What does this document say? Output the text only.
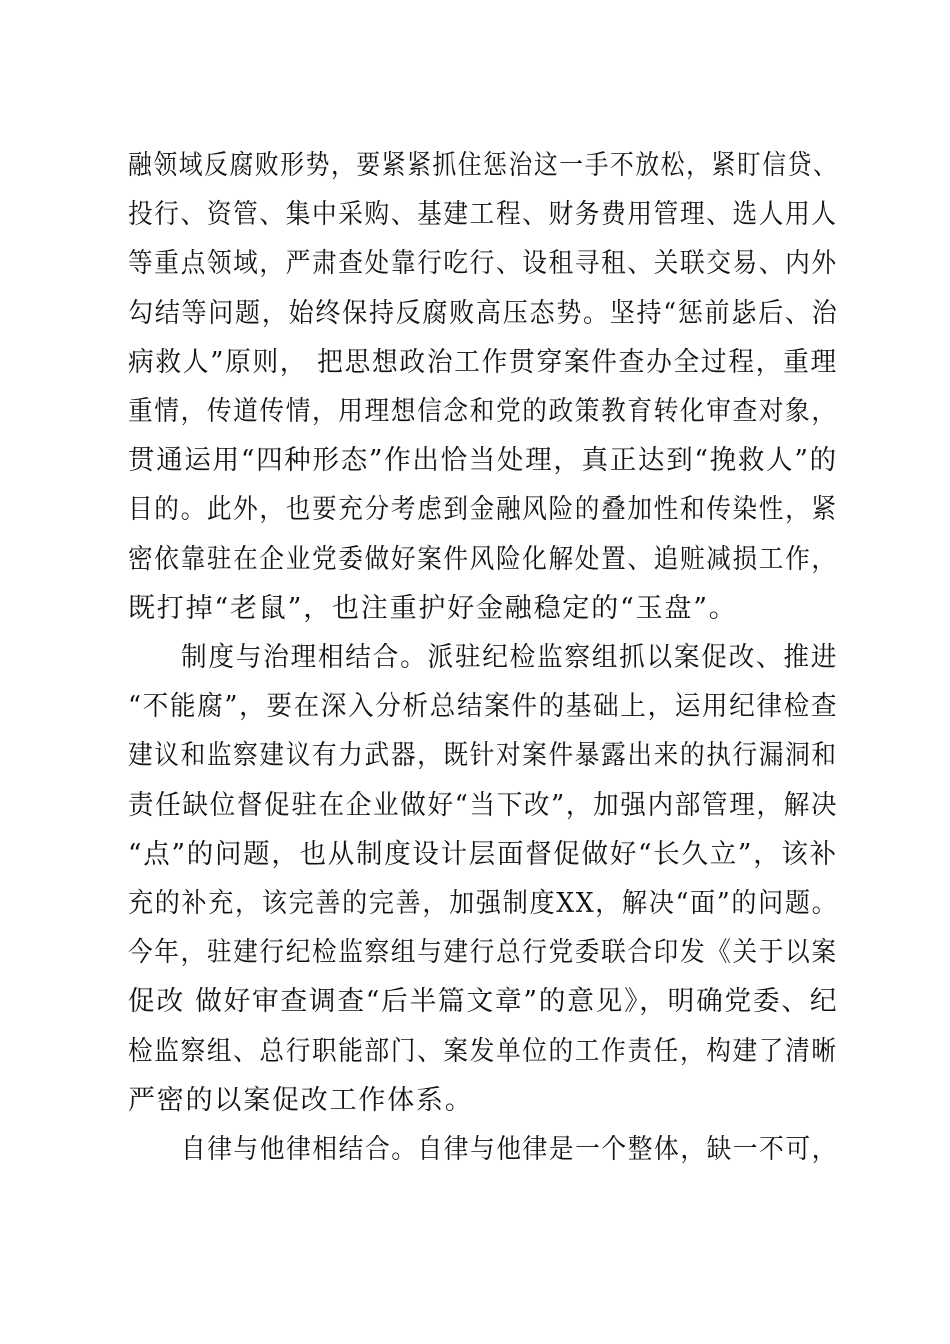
融领域反腐败形势，要紧紧抓住惩治这一手不放松，紧盯信贷、
投行、资管、集中采购、基建工程、财务费用管理、选人用人
等重点领域，严肃查处靠行吃行、设租寻租、关联交易、内外
勾结等问题，始终保持反腐败高压态势。坚持“惩前毖后、治
病救人”原则， 把思想政治工作贯穿案件查办全过程，重理
重情，传道传情，用理想信念和党的政策教育转化审查对象，
贯通运用“四种形态”作出恰当处理，真正达到“挽救人”的
目的。此外，也要充分考虑到金融风险的叠加性和传染性，紧
密依靠驻在企业党委做好案件风险化解处置、追赃减损工作，
既打掉“老鼠”，也注重护好金融稳定的“玉盘”。
制度与治理相结合。派驻纪检监察组抓以案促改、推进
“不能腐”，要在深入分析总结案件的基础上，运用纪律检查
建议和监察建议有力武器，既针对案件暴露出来的执行漏洞和
责任缺位督促驻在企业做好“当下改”，加强内部管理，解决
“点”的问题，也从制度设计层面督促做好“长久立”，该补
充的补充，该完善的完善，加强制度XX，解决“面”的问题。
今年，驻建行纪检监察组与建行总行党委联合印发《关于以案
促改 做好审查调查“后半篇文章”的意见》，明确党委、纪
检监察组、总行职能部门、案发单位的工作责任，构建了清晰
严密的以案促改工作体系。
自律与他律相结合。自律与他律是一个整体，缺一不可，
